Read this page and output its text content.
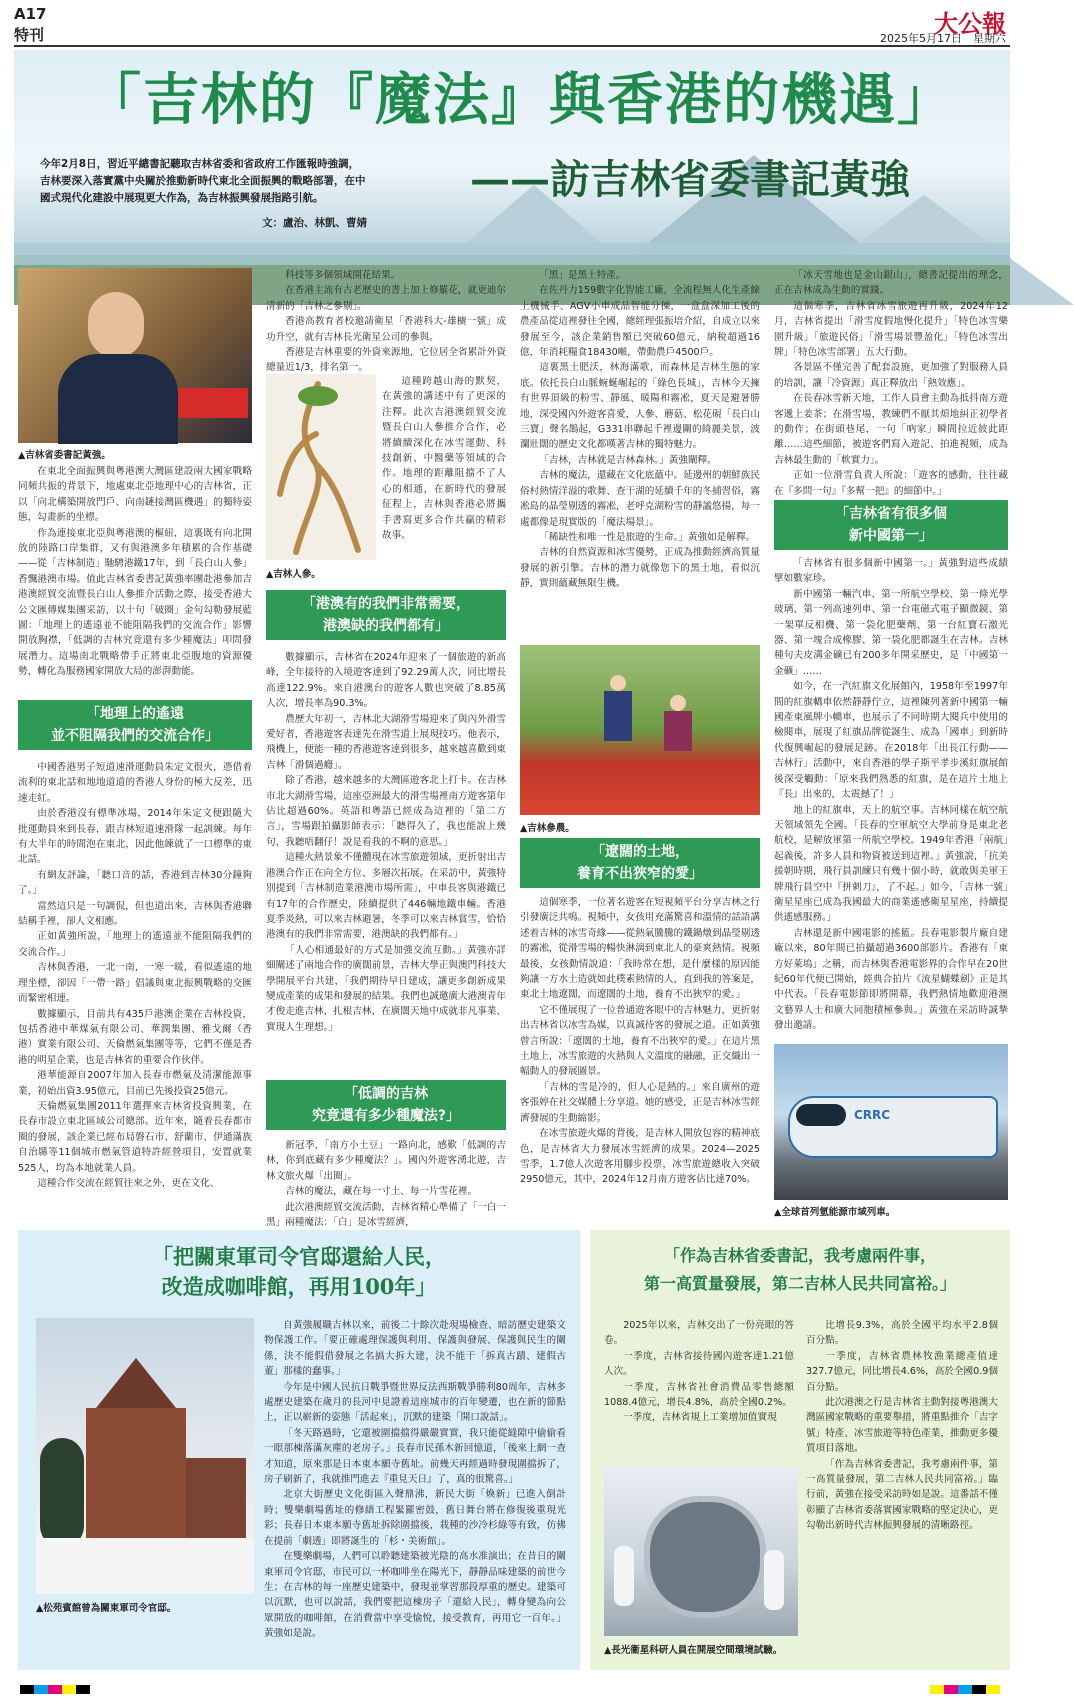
A17
特刊	大公報
2025年5月17日　星期六
「吉林的『魔法』與香港的機遇」
——訪吉林省委書記黃強
今年2月8日，習近平總書記聽取吉林省委和省政府工作匯報時強調，
吉林要深入落實黨中央關於推動新時代東北全面振興的戰略部署，在中
國式現代化建設中展現更大作為，為吉林振興發展指路引航。
文：盧治、林凱、曹婧
▲吉林省委書記黃強。

在東北全面振興與粵港澳大灣區建設兩大國家戰略同頻共振的背景下，地處東北亞地理中心的吉林省，正以「向北構築開放門戶、向南鏈接灣區機遇」的獨特姿態，勾畫新的坐標。

作為連接東北亞與粵港澳的樞紐，這裏既有向北開放的陸路口岸集群，又有與港澳多年積累的合作基礎——從「吉林制造」馳騁港鐵17年，到「長白山人參」香飄港澳市場。值此吉林省委書記黃強率團赴港參加吉港澳經貿交流暨長白山人參推介活動之際，接受香港大公文匯傳媒集團采訪，以十句「破圈」金句勾勒發展藍圖：「地理上的遙遠並不能阻隔我們的交流合作」影響開放胸襟，「低調的吉林究竟還有多少種魔法」叩問發展潛力。這場南北戰略帶手正將東北亞腹地的資源優勢，轉化為服務國家開放大局的澎湃動能。

「地理上的遙遠
並不阻隔我們的交流合作」

中國香港男子短道速滑運動員朱定文很火，憑借着流利的東北話和地地道道的香港人身份的極大反差，迅速走紅。

由於香港沒有標準冰場，2014年朱定文便跟隨大批運動員來到長春，跟吉林短道速滑隊一起訓練。每年有大半年的時間泡在東北，因此他練就了一口標準的東北話。

有網友評論，「聽口音的話，香港到吉林30分鐘夠了。」

當然這只是一句調侃，但也道出來，吉林與香港聯結稱手裡，卻人文相應。

正如黃強所說，「地理上的遙遠並不能阻隔我們的交流合作。」

吉林與香港，一北一南，一寒一暖，看似遙遠的地理坐標，卻因「一帶一路」倡議與東北振興戰略的交匯而緊密相連。

數據顯示，目前共有435戶港澳企業在吉林投資，包括香港中華煤氣有限公司、華潤集團、雅戈爾（香港）實業有限公司、天倫燃氣集團等等，它們不僅是香港的明星企業，也是吉林省的重要合作伙伴。

港華能源自2007年加入長春市燃氣及清潔能源事業，初始出資3.95億元，目前已先後投資25億元。

天倫燃氣集團2011年選擇來吉林省投資興業，在長春市設立東北區域公司總部。近年來，隨着長春都市圈的發展，該企業已經布局磐石市、舒蘭市、伊通滿族自治縣等11個城市燃氣管道特許經營項目，安置就業525人，均為本地就業人員。

這種合作交流在經貿往來之外，更在文化、

科技等多個領域開花結果。

在香港主流有古老歷史的書上加上修羅花，就更迪尔清新的「吉林之參剔」。

香港高教育者校邀請衛星「香港科大-雄櫥一號」成功升空，就有吉林長光衛星公司的參與。

香港是吉林重要的外資來源地，它位居全省累計外資總量近1/3，排名第一。

▲吉林人參。

這種跨越山海的默契，在黃強的講述中有了更深的注釋。此次吉港澳經貿交流暨長白山人參推介合作，必將續續深化在冰雪運動、科技創新、中醫藥等領域的合作。地理的距離阻擋不了人心的相通，在新時代的發展征程上，吉林與香港必將攜手書寫更多合作共贏的精彩故事。

「港澳有的我們非常需要，
港澳缺的我們都有」

數據顯示，吉林省在2024年迎來了一個旅遊的新高峰，全年接待的入境遊客達到了92.29萬人次，同比增長高達122.9%。來自港澳台的遊客人數也突破了8.85萬人次，增長率為90.3%。

農歷大年初一，吉林北大湖滑雪場迎來了與內外滑雪愛好者，香港遊客表達先在滑雪道上展現技巧。他表示，飛機上，便能一種的香港遊客達到很多，越來越喜歡到東吉林「滑個過癮」。

除了香港，越來越多的大灣區遊客北上打卡。在吉林市北大湖滑雪場，這座亞洲最大的滑雪場裡南方遊客第年佔比超過60%。英語和粵語已經成為這裡的「第二方言」，雪場跟拍攝影師表示：「聽得久了，我也能說上幾句，我聽唔翻仔！說是看我的不啊的意思。」

這種火熱景象不僅體現在冰雪旅遊領域，更折射出吉港澳合作正在向全方位、多層次拓展。在采訪中，黃強特別提到「吉林制造業港澳市場所需」，中車長客與港鐵已有17年的合作歷史，陸續提供了446輛地鐵車輛。香港夏季炎熱，可以來吉林避暑，冬季可以來吉林賞雪，恰恰港澳有的我們非常需要，港澳缺的我們都有。」

「人心相通最好的方式是加強交流互動。」黃強亦詳細闡述了兩地合作的廣闊前景，吉林大學正與澳門科技大學開展平台共建，「我們期待早日建成，讓更多創新成果變成產業的成果和發展的結果。我們也誠邀廣大港澳青年才俊走進吉林，扎根吉林，在廣闊天地中成就非凡事業、實現人生理想。」

「低調的吉林
究竟還有多少種魔法?」

新冠季，「南方小土豆」一路向北，感歎「低調的吉林，你到底藏有多少種魔法？」。國內外遊客湧北遊，吉林文旅火爆「出圈」。

吉林的魔法，藏在每一寸土、每一片雪花裡。

此次港澳經貿交流活動，吉林省精心準備了「一白一黑」兩種魔法：「白」是冰雪經濟，

「黑」是黑土特產。

在佐丹力159數字化智能工廠，全流程無人化生產線上機械手、AGV小車成品智能分揀，一盒盒深加工後的農產品從這裡發往全國，總經理張振培介紹，自成立以來發展至今，該企業銷售額已突破60億元，納稅超過16億，年消耗糧食18430噸，帶動農戶4500戶。

這裏黑土肥沃，林海滿歌，而森林是吉林生態的家底。依托長白山脈蜿蜒崛起的「綠色長城」，吉林今天擁有世界頂級的粉雪、靜風、暖陽和霧凇，夏天是避暑勝地，深受國內外遊客喜愛，人參、蘑菇、松花硯「長白山三寶」聲名鵲起，G331串聯起千裡邊關的綺麗美景，波瀾壯闊的歷史文化都嘆著吉林的獨特魅力。

「吉林，吉林就是吉林森林。」黃強闡釋。

吉林的魔法，還藏在文化底蘊中。延邊州的朝鮮族民俗村熱情洋溢的歌舞、查干湖的延續千年的冬捕習俗，霧凇島的晶瑩剔透的霧凇，老呼克湖粉雪的靜謐悠揚，每一處都像是現實版的「魔法場景」。

「稀缺性和唯一性是旅遊的生命。」黃強如是解釋。

吉林的自然資源和冰雪優勢，正成為推動經濟高質量發展的新引擎。吉林的潛力就像您下的黑土地，看似沉靜，實則蘊藏無限生機。

▲吉林參農。
「遼闊的土地，
養育不出狹窄的愛」

這個寒季，一位著名遊客在短視頻平台分享吉林之行引發廣泛共鳴。視頻中，女孩用充滿驚喜和溫情的話語講述着吉林的冰雪奇緣——從熱氣騰騰的鐵鍋燉到晶瑩剔透的霧凇，從滑雪場的暢快淋漓到東北人的豪爽熱情。視頻最後，女孩動情說道：「我時常在想，是什麼樣的原因能夠讓一方水土造就如此樸素熱情的人，直到我的答案是，東北土地遼闊，而遼闊的土地，養育不出狹窄的愛。」

它不僅展現了一位普通遊客眼中的吉林魅力，更折射出吉林省以冰雪為媒，以真誠待客的發展之道。正如黃強曾言所說：「遼闊的土地，養育不出狹窄的愛。」在這片黑土地上，冰雪旅遊的火熱與人文溫度的融融，正交織出一幅動人的發展圖景。

「吉林的雪是冷的，但人心是熱的。」來自廣州的遊客張婷在社交媒體上分享道。她的感受，正是吉林冰雪經濟發展的生動縮影。

在冰雪旅遊火爆的背後，是吉林人開放包容的精神底色，是吉林省大力發展冰雪經濟的成果。2024—2025雪季，1.7億人次遊客用腳步投票，冰雪旅遊總收入突破2950億元，其中，2024年12月南方遊客佔比達70%。

「冰天雪地也是金山銀山」，總書記提出的理念，正在吉林成為生動的實踐。

這個寒季，吉林省冰雪旅遊再升級，2024年12月，吉林省提出「滑雪度假地慢化提升」「特色冰雪樂園升級」「旅遊民俗」「滑雪場景豐盈化」「特色冰雪出牌」「特色冰雪部署」五大行動。

各景區不僅完善了配套設施，更加強了對服務人員的培訓，讓「冷資源」真正釋放出「熱效應」。

在長春冰雪新天地，工作人員會主動為抵抖南方遊客遞上姜茶；在滑雪場，教練們不厭其煩地糾正初學者的動作；在街頭巷尾，一句「吶家」瞬間拉近彼此距離……這些細節，被遊客們寫入遊記、拍進視頻，成為吉林最生動的「軟實力」。

正如一位滑雪負責人所說：「遊客的感動，往往藏在『多問一句』『多幫一把』的細節中。」

「吉林省有很多個
新中國第一」

「吉林省有很多個新中國第一。」黃強對這些成績擘如數家珍。

新中國第一輛汽車、第一所航空學校、第一條光學玻璃、第一列高速列車、第一台電磁式電子顯微鏡、第一架單反相機、第一袋化肥藥劑、第一台紅寶石激光器、第一塊合成橡膠、第一袋化肥都誕生在吉林。吉林種句夫皮溝金礦已有200多年開采歷史，是「中國第一金礦」……

如今，在一汽紅旗文化展館內，1958年至1997年間的紅旗轎車依然靜靜佇立，這裡陳列著新中國第一輛國產東風牌小轎車，也展示了不同時期大閱兵中使用的檢閱車，展現了紅旗品牌從誕生、成為「國車」到新時代復興崛起的發展足跡。在2018年「出長江行動——吉林行」活動中，來自香港的學子斯平孝步溪紅旗展館後深受觸動：「原來我們熟悉的紅旗，是在這片土地上『長』出來的，太震撼了！」

地上的紅旗車，天上的航空事。吉林同樣在航空航天領域領先全國。「長春的空軍航空大學前身是東北老航校，是解放軍第一所航空學校。1949年香港「兩航」起義後，許多人員和物資被送到這裡。」黃強說，「抗美援朝時期，飛行員訓練只有幾十個小時，就敢與美軍王牌飛行員空中『拼刺刀』，了不起。」如今，「吉林一號」衛星星座已成為我國最大的商業遙感衛星星座，持續提供遙感服務。」

吉林還是新中國電影的搖籃。長春電影製片廠自建廠以來，80年間已拍攝超過3600部影片。香港有「東方好萊塢」之稱，而吉林與香港電影界的合作早在20世紀60年代便已開始，經典合拍片《流星蝴蝶劍》正是其中代表。「長春電影節即將開幕，我們熱情地歡迎港澳文藝界人士和廣大同胞積極參與。」黃強在采訪時誠摯發出邀請。

CRRC
▲全球首列氫能源市域列車。
「把關東軍司令官邸還給人民，
改造成咖啡館，再用100年」
▲松苑賓館曾為關東軍司令官邸。

自黃強履職吉林以來，前後二十餘次赴現場檢查、暗訪歷史建築文物保護工作。「要正確處理保護與利用、保護與發展、保護與民生的關係，決不能假借發展之名搞大拆大建，決不能干「拆真古蹟、建假古董」那樣的蠢事。」

今年是中國人民抗日戰爭暨世界反法西斯戰爭勝利80周年，吉林多處歷史建築在歲月的長河中見證着這座城市的百年變遷，也在新的節點上，正以嶄新的姿態「活起來」，沉默的建築「開口說話」。

「冬天路過時，它還被圍擋擋得嚴嚴實實，我只能從縫隙中偷偷看一眼那棟落滿灰塵的老房子。」長春市民孫木新回憶道，「後來上網一查才知道，原來那是日本東本願寺舊址。前幾天再經過時發現圍擋拆了，房子刷新了，我就推門進去『重見天日』了，真的很驚喜。」

北京大街歷史文化街區入聲鼎沸，新民大街「煥新」已進入倒計時；雙樂劇場舊址的修繕工程緊羅密鼓，舊日舞台將在修復後重現光彩；長春日本東本願寺舊址拆除圍擋後，栽種的沙冷杉綠等有致，仿佛在提前「劇透」即將誕生的「杉・美術館」。

在雙樂劇場，人們可以聆聽建築被光陰的高水准演出；在昔日的關東軍司令官邸，市民可以一杯咖啡坐在陽光下，靜靜品味建築的前世今生；在吉林的每一座歷史建築中，發現並掌習那段厚重的歷史。建築可以沉默，也可以說話，我們要把這棟房子「還給人民」，轉身變為向公眾開放的咖啡館，在消費當中享受愉悅，接受教育，再用它一百年。」黃強如是說。

「作為吉林省委書記，我考慮兩件事，
第一高質量發展，第二吉林人民共同富裕。」

2025年以來，吉林交出了一份亮眼的答卷。

一季度，吉林省接待國內遊客達1.21億人次。

一季度，吉林省社會消費品零售總額1088.4億元，增長4.8%，高於全國0.2%。

一季度，吉林省規上工業增加值實現

比增長9.3%，高於全國平均水平2.8個百分點。

一季度，吉林省農林牧漁業總產值達327.7億元，同比增長4.6%，高於全國0.9個百分點。

此次港澳之行是吉林省主動對接粵港澳大灣區國家戰略的重要舉措，將重點推介「吉字號」特產、冰雪旅遊等特色產業，推動更多優質項目落地。

「作為吉林省委書記，我考慮兩件事，第一高質量發展，第二吉林人民共同富裕。」臨行前，黃強在接受采訪時如是說。這番話不僅彰顯了吉林省委落實國家戰略的堅定決心，更勾勒出新時代吉林振興發展的清晰路徑。

▲長光衞星科研人員在開展空間環境試驗。
